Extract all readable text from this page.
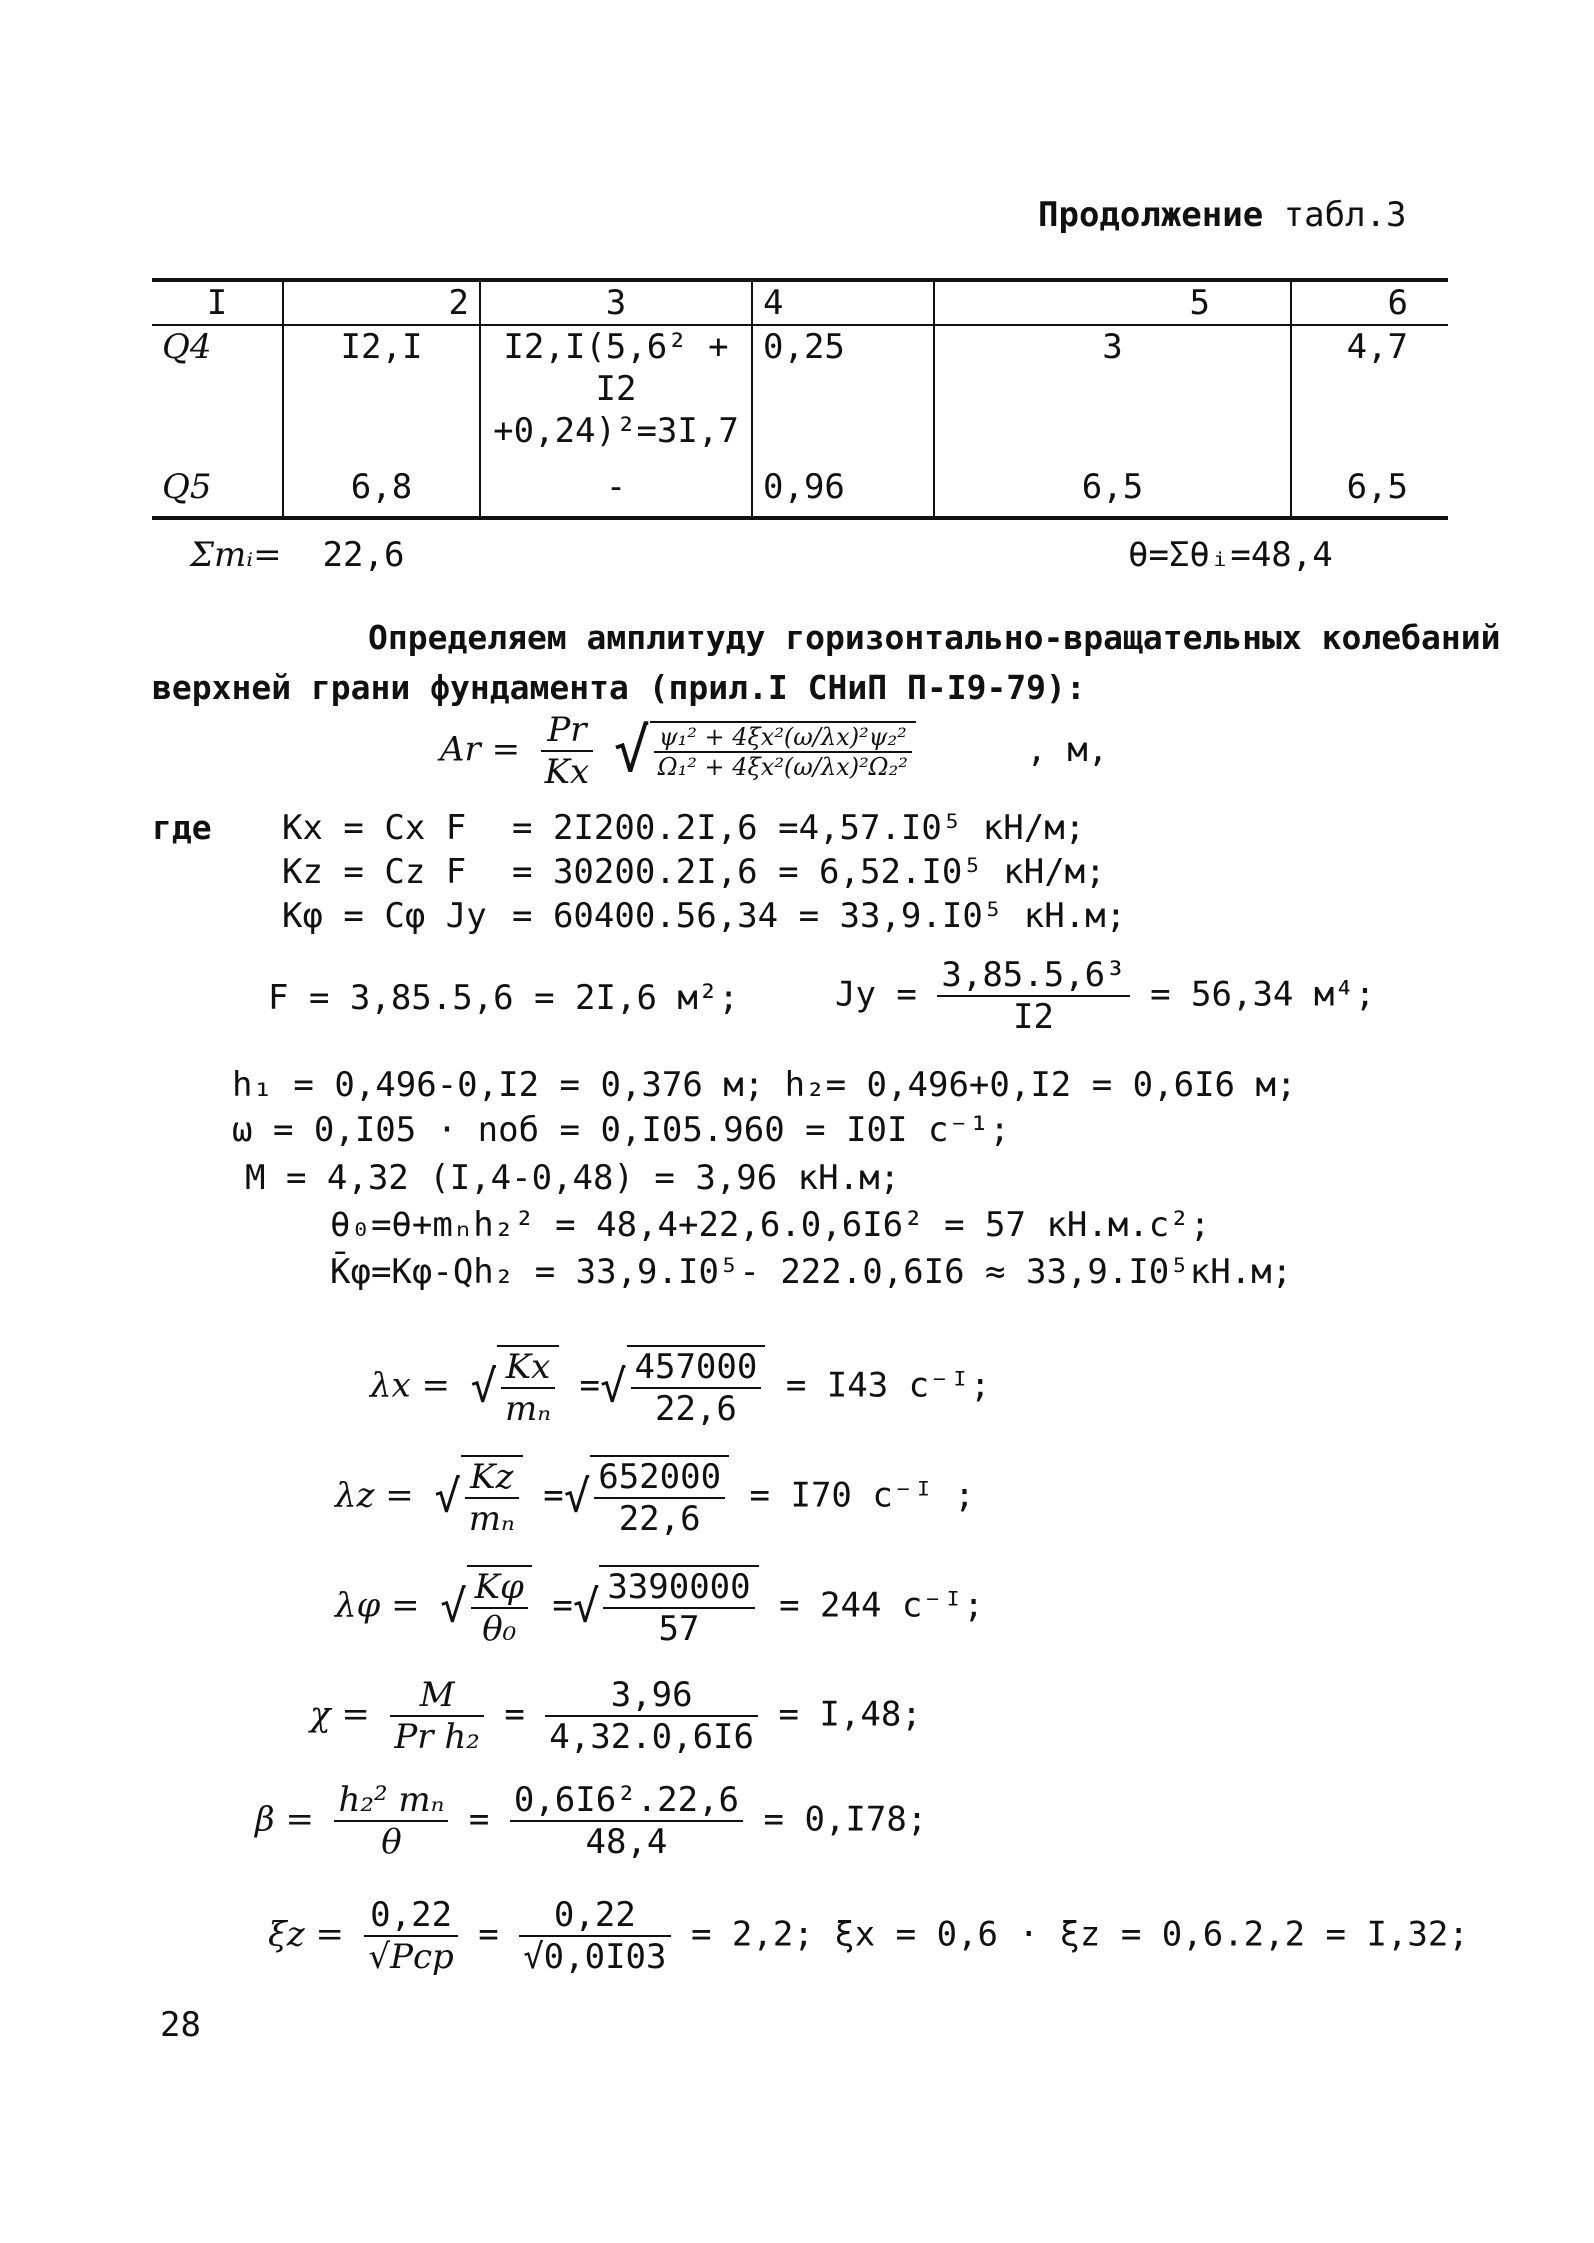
Продолжение табл.3
I	2	3	4	5	6
Q4	I2,I	I2,I(5,6² +
I2
+0,24)²=3I,7	0,25	3	4,7
Q5	6,8	-	0,96	6,5	6,5
Σmᵢ= 22,6	θ=Σθᵢ=48,4
Определяем амплитуду горизонтально-вращательных колебаний
верхней грани фундамента (прил.I СНиП П-I9-79):
$Ar = \frac{Pr}{Kx}$ √ $\frac{\text{ψ₁² + 4ξx²(ω/λx)²ψ₂²}}{\text{Ω₁² + 4ξx²(ω/λx)²Ω₂²}}$	, м,
где Kx = Cx F = 2I200.2I,6 =4,57.I0⁵ кН/м;
Kz = Cz F = 30200.2I,6 = 6,52.I0⁵ кН/м;
Kφ = Cφ Jy = 60400.56,34 = 33,9.I0⁵ кН.м;
F = 3,85.5,6 = 2I,6 м²;	$Jy = \frac{\text{3,85.5,6³}}{I2} = 56,34$ м⁴;
h₁ = 0,496-0,I2 = 0,376 м; h₂= 0,496+0,I2 = 0,6I6 м;
ω = 0,I05 · nоб = 0,I05.960 = I0I с⁻¹;
M = 4,32 (I,4-0,48) = 3,96 кН.м;
θ₀=θ+mₙh₂² = 48,4+22,6.0,6I6² = 57 кН.м.с²;
K̄φ=Kφ-Qh₂ = 33,9.I0⁵- 222.0,6I6 ≈ 33,9.I0⁵кН.м;
λx = √ $\frac{Kx}{\text{mₙ}}$ =√ $\frac{457000}{22,6} = I43$ с⁻ᴵ;
λz = √ $\frac{Kz}{\text{mₙ}}$ =√ $\frac{652000}{22,6} = I70$ с⁻ᴵ ;
λφ = √ $\frac{K\varphi}{\text{θ₀}}$ =√ $\frac{3390000}{57} = 244$ с⁻ᴵ;
$\chi = \frac{M}{\text{Pr h₂}} = \frac{3,96}{4,32.0,6I6} = I,48$;
$\beta = \frac{\text{h₂² mₙ}}{\theta} = \frac{\text{0,6I6².22,6}}{48,4} = 0,I78$;
$\xi z = \frac{0,22}{\text{√Pcp}} = \frac{0,22}{√0,0I03} = 2,2$; ξx = 0,6 · ξz = 0,6.2,2 = I,32;
28
